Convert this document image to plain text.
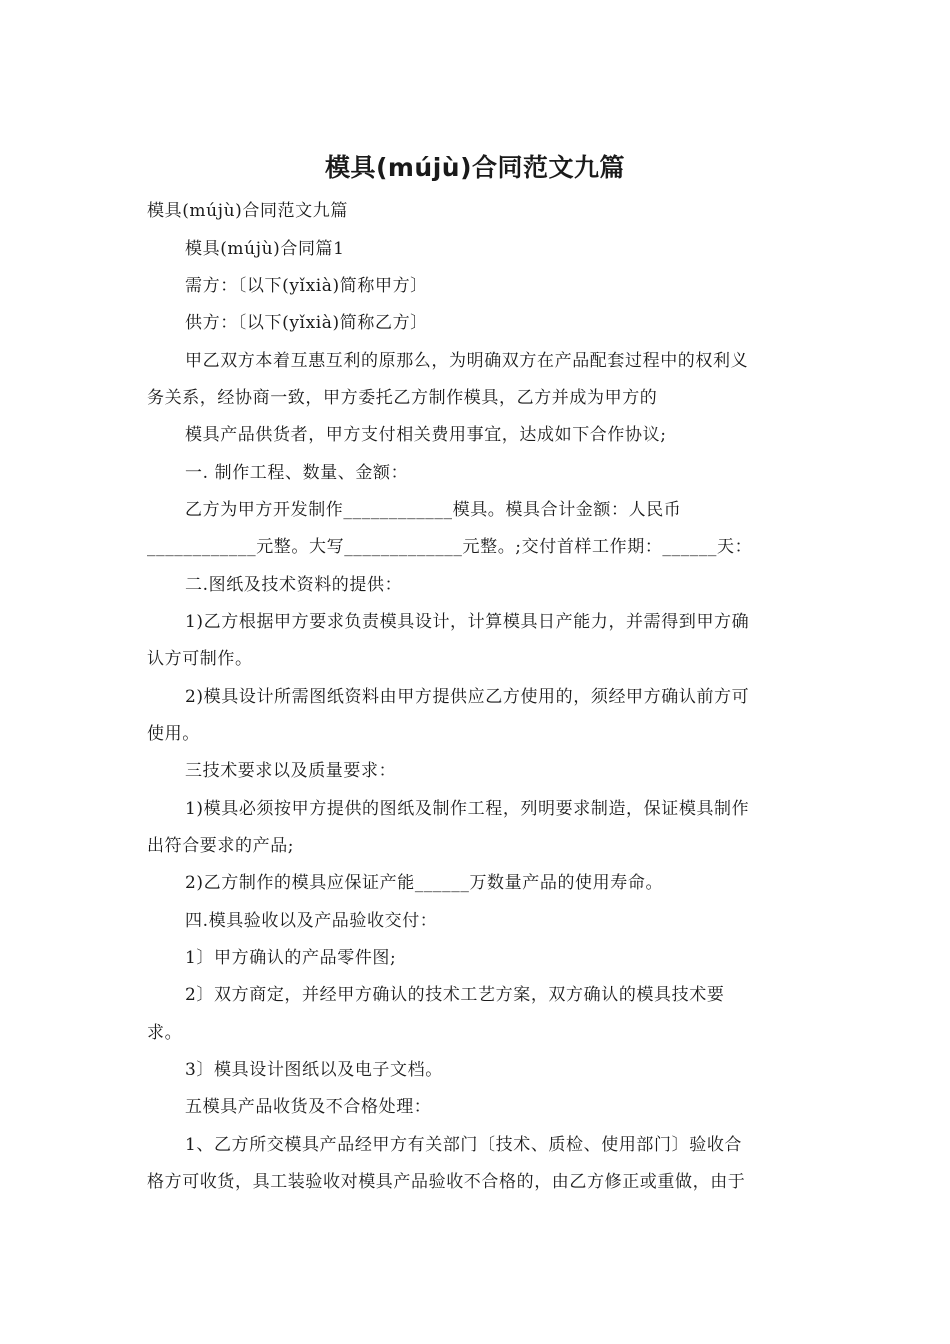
模具(mújù)合同范文九篇
模具(mújù)合同范文九篇
模具(mújù)合同篇1
需方：〔以下(yǐxià)简称甲方〕
供方：〔以下(yǐxià)简称乙方〕
甲乙双方本着互惠互利的原那么，为明确双方在产品配套过程中的权利义
务关系，经协商一致，甲方委托乙方制作模具，乙方并成为甲方的
模具产品供货者，甲方支付相关费用事宜，达成如下合作协议;
一. 制作工程、数量、金额：
乙方为甲方开发制作____________模具。模具合计金额：人民币
____________元整。大写_____________元整。;交付首样工作期：______天：
二.图纸及技术资料的提供：
1)乙方根据甲方要求负责模具设计，计算模具日产能力，并需得到甲方确
认方可制作。
2)模具设计所需图纸资料由甲方提供应乙方使用的，须经甲方确认前方可
使用。
三技术要求以及质量要求：
1)模具必须按甲方提供的图纸及制作工程，列明要求制造，保证模具制作
出符合要求的产品;
2)乙方制作的模具应保证产能______万数量产品的使用寿命。
四.模具验收以及产品验收交付：
1〕甲方确认的产品零件图;
2〕双方商定，并经甲方确认的技术工艺方案，双方确认的模具技术要
求。
3〕模具设计图纸以及电子文档。
五模具产品收货及不合格处理：
1、乙方所交模具产品经甲方有关部门〔技术、质检、使用部门〕验收合
格方可收货，具工装验收对模具产品验收不合格的，由乙方修正或重做，由于
